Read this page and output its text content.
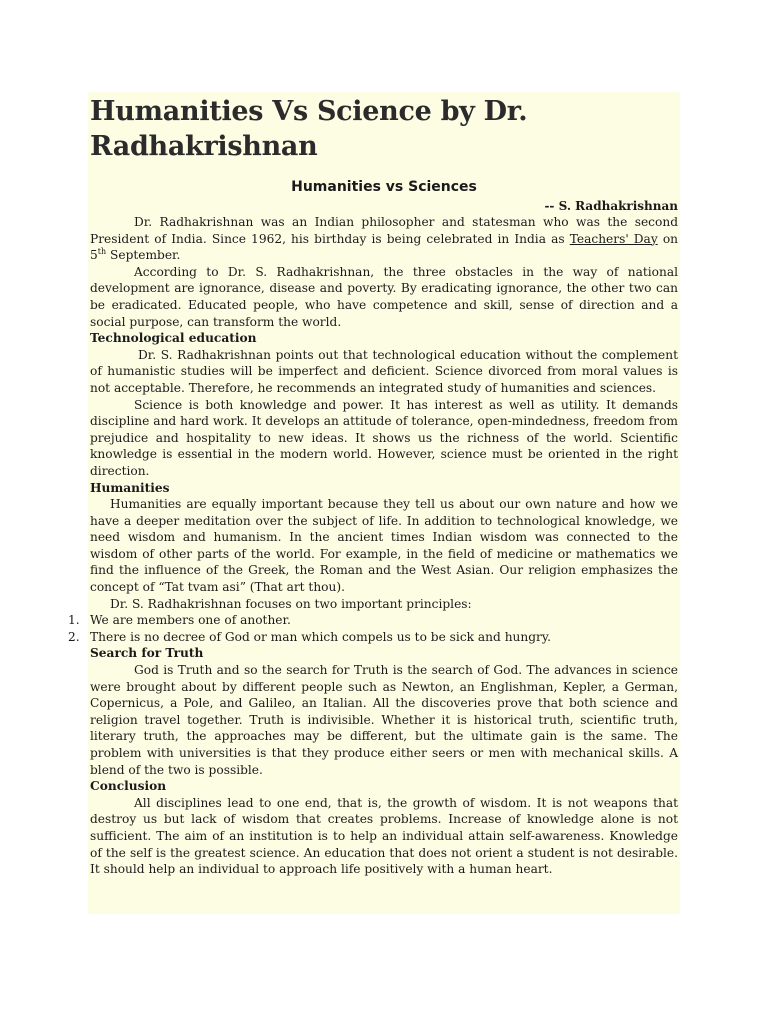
Humanities Vs Science by Dr. Radhakrishnan
Humanities vs Sciences
-- S. Radhakrishnan

Dr. Radhakrishnan was an Indian philosopher and statesman who was the second President of India. Since 1962, his birthday is being celebrated in India as Teachers' Day on 5th September.

According to Dr. S. Radhakrishnan, the three obstacles in the way of national development are ignorance, disease and poverty. By eradicating ignorance, the other two can be eradicated. Educated people, who have competence and skill, sense of direction and a social purpose, can transform the world.

Technological education

Dr. S. Radhakrishnan points out that technological education without the complement of humanistic studies will be imperfect and deficient. Science divorced from moral values is not acceptable. Therefore, he recommends an integrated study of humanities and sciences.

Science is both knowledge and power. It has interest as well as utility. It demands discipline and hard work. It develops an attitude of tolerance, open-mindedness, freedom from prejudice and hospitality to new ideas. It shows us the richness of the world. Scientific knowledge is essential in the modern world. However, science must be oriented in the right direction.

Humanities

Humanities are equally important because they tell us about our own nature and how we have a deeper meditation over the subject of life. In addition to technological knowledge, we need wisdom and humanism. In the ancient times Indian wisdom was connected to the wisdom of other parts of the world. For example, in the field of medicine or mathematics we find the influence of the Greek, the Roman and the West Asian. Our religion emphasizes the concept of “Tat tvam asi” (That art thou).

Dr. S. Radhakrishnan focuses on two important principles:

1. We are members one of another.
2. There is no decree of God or man which compels us to be sick and hungry.
Search for Truth

God is Truth and so the search for Truth is the search of God. The advances in science were brought about by different people such as Newton, an Englishman, Kepler, a German, Copernicus, a Pole, and Galileo, an Italian. All the discoveries prove that both science and religion travel together. Truth is indivisible. Whether it is historical truth, scientific truth, literary truth, the approaches may be different, but the ultimate gain is the same. The problem with universities is that they produce either seers or men with mechanical skills. A blend of the two is possible.

Conclusion

All disciplines lead to one end, that is, the growth of wisdom. It is not weapons that destroy us but lack of wisdom that creates problems. Increase of knowledge alone is not sufficient. The aim of an institution is to help an individual attain self-awareness. Knowledge of the self is the greatest science. An education that does not orient a student is not desirable. It should help an individual to approach life positively with a human heart.
